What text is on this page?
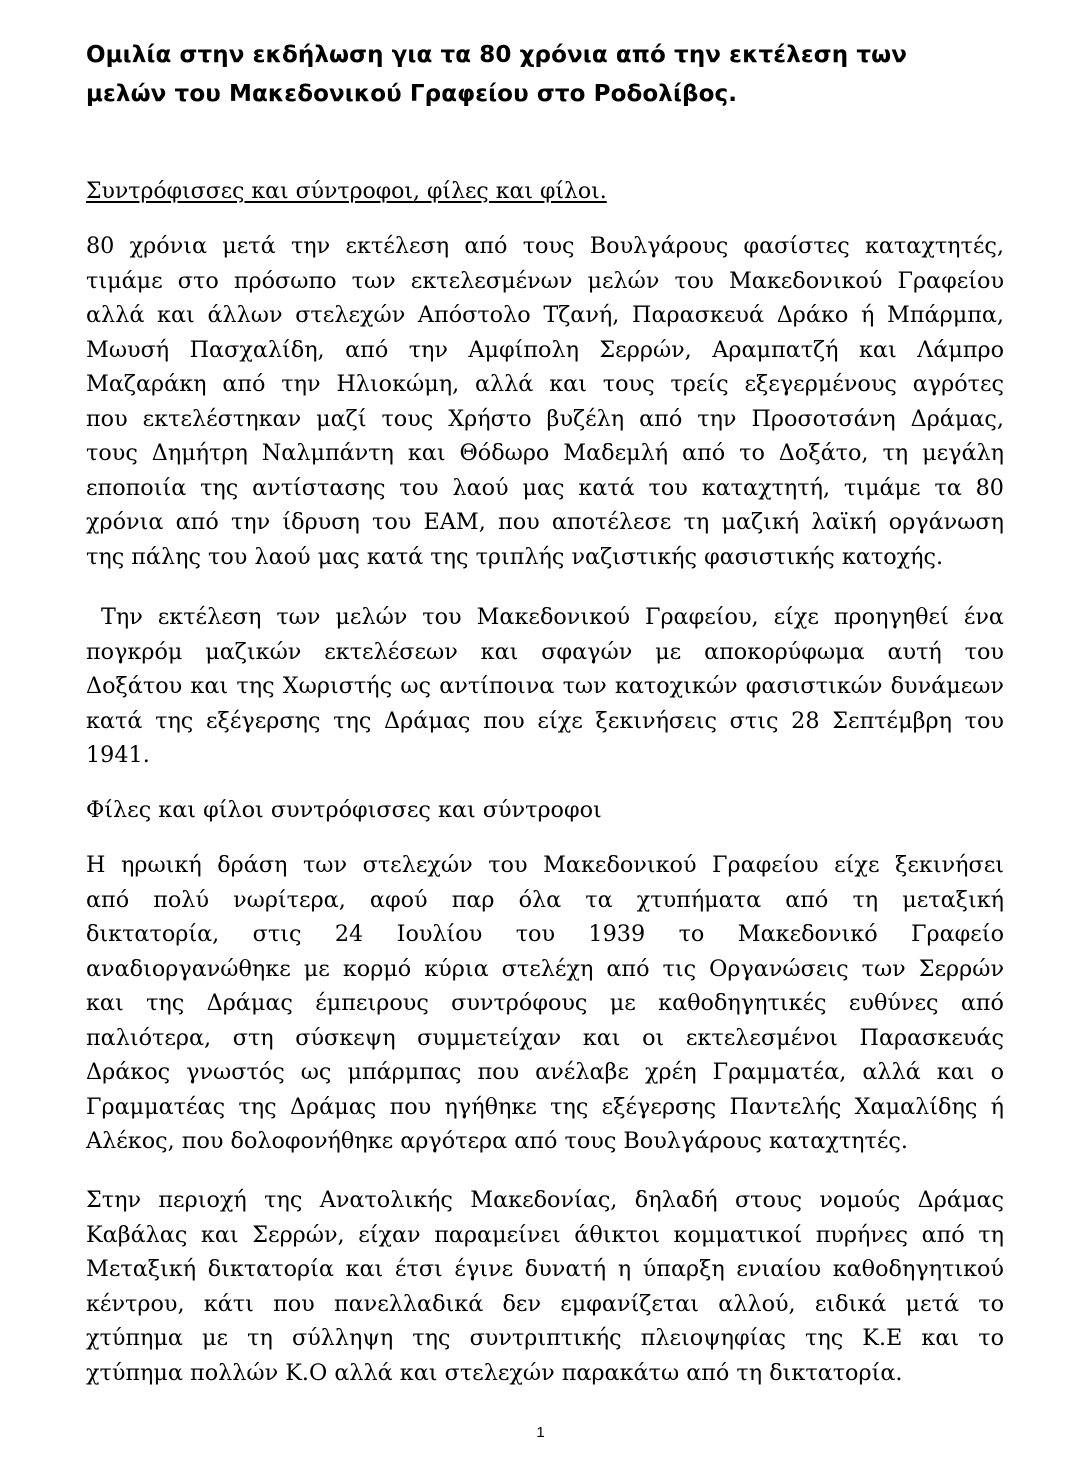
Ομιλία στην εκδήλωση για τα 80 χρόνια από την εκτέλεση των
μελών του Μακεδονικού Γραφείου στο Ροδολίβος.
Συντρόφισσες και σύντροφοι, φίλες και φίλοι.
80 χρόνια μετά την εκτέλεση από τους Βουλγάρους φασίστες καταχτητές,
τιμάμε στο πρόσωπο των εκτελεσμένων μελών του Μακεδονικού Γραφείου
αλλά και άλλων στελεχών Απόστολο Τζανή, Παρασκευά Δράκο ή Μπάρμπα,
Μωυσή Πασχαλίδη, από την Αμφίπολη Σερρών, Αραμπατζή και Λάμπρο
Μαζαράκη από την Ηλιοκώμη, αλλά και τους τρείς εξεγερμένους αγρότες
που εκτελέστηκαν μαζί τους Χρήστο βυζέλη από την Προσοτσάνη Δράμας,
τους Δημήτρη Ναλμπάντη και Θόδωρο Μαδεμλή από το Δοξάτο, τη μεγάλη
εποποιία της αντίστασης του λαού μας κατά του καταχτητή, τιμάμε τα 80
χρόνια από την ίδρυση του ΕΑΜ, που αποτέλεσε τη μαζική λαϊκή οργάνωση
της πάλης του λαού μας κατά της τριπλής ναζιστικής φασιστικής κατοχής.
Την εκτέλεση των μελών του Μακεδονικού Γραφείου, είχε προηγηθεί ένα
πογκρόμ μαζικών εκτελέσεων και σφαγών με αποκορύφωμα αυτή του
Δοξάτου και της Χωριστής ως αντίποινα των κατοχικών φασιστικών δυνάμεων
κατά της εξέγερσης της Δράμας που είχε ξεκινήσεις στις 28 Σεπτέμβρη του
1941.
Φίλες και φίλοι συντρόφισσες και σύντροφοι
Η ηρωική δράση των στελεχών του Μακεδονικού Γραφείου είχε ξεκινήσει
από πολύ νωρίτερα, αφού παρ όλα τα χτυπήματα από τη μεταξική
δικτατορία, στις 24 Ιουλίου του 1939 το Μακεδονικό Γραφείο
αναδιοργανώθηκε με κορμό κύρια στελέχη από τις Οργανώσεις των Σερρών
και της Δράμας έμπειρους συντρόφους με καθοδηγητικές ευθύνες από
παλιότερα, στη σύσκεψη συμμετείχαν και οι εκτελεσμένοι Παρασκευάς
Δράκος γνωστός ως μπάρμπας που ανέλαβε χρέη Γραμματέα, αλλά και ο
Γραμματέας της Δράμας που ηγήθηκε της εξέγερσης Παντελής Χαμαλίδης ή
Αλέκος, που δολοφονήθηκε αργότερα από τους Βουλγάρους καταχτητές.
Στην περιοχή της Ανατολικής Μακεδονίας, δηλαδή στους νομούς Δράμας
Καβάλας και Σερρών, είχαν παραμείνει άθικτοι κομματικοί πυρήνες από τη
Μεταξική δικτατορία και έτσι έγινε δυνατή η ύπαρξη ενιαίου καθοδηγητικού
κέντρου, κάτι που πανελλαδικά δεν εμφανίζεται αλλού, ειδικά μετά το
χτύπημα με τη σύλληψη της συντριπτικής πλειοψηφίας της Κ.Ε και το
χτύπημα πολλών Κ.Ο αλλά και στελεχών παρακάτω από τη δικτατορία.
1
